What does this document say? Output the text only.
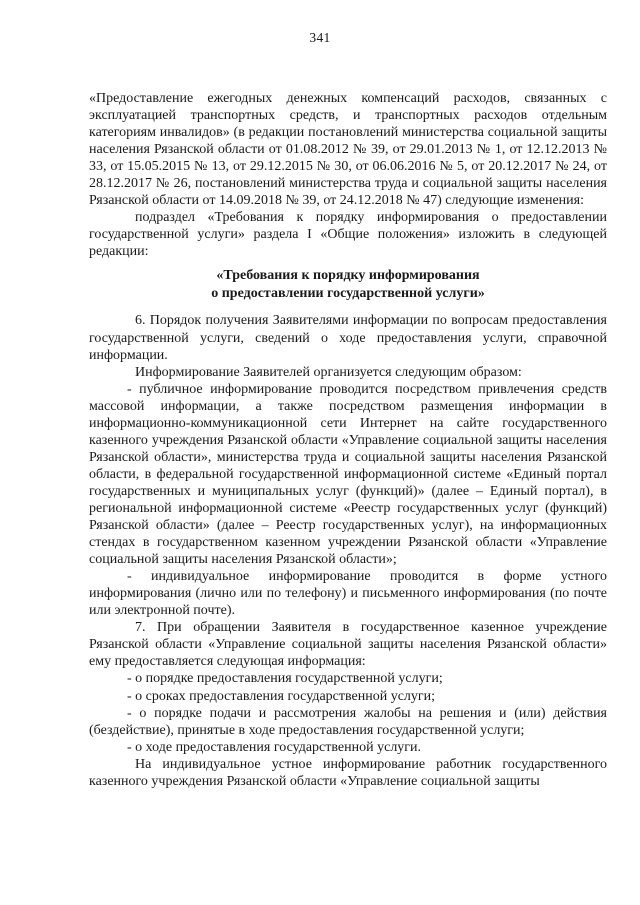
341

«Предоставление ежегодных денежных компенсаций расходов, связанных с эксплуатацией транспортных средств, и транспортных расходов отдельным категориям инвалидов» (в редакции постановлений министерства социальной защиты населения Рязанской области от 01.08.2012 № 39, от 29.01.2013 № 1, от 12.12.2013 № 33, от 15.05.2015 № 13, от 29.12.2015 № 30, от 06.06.2016 № 5, от 20.12.2017 № 24, от 28.12.2017 № 26, постановлений министерства труда и социальной защиты населения Рязанской области от 14.09.2018 № 39, от 24.12.2018 № 47) следующие изменения:

подраздел «Требования к порядку информирования о предоставлении государственной услуги» раздела I «Общие положения» изложить в следующей редакции:

«Требования к порядку информирования
о предоставлении государственной услуги»

6. Порядок получения Заявителями информации по вопросам предоставления государственной услуги, сведений о ходе предоставления услуги, справочной информации.

Информирование Заявителей организуется следующим образом:

- публичное информирование проводится посредством привлечения средств массовой информации, а также посредством размещения информации в информационно-коммуникационной сети Интернет на сайте государственного казенного учреждения Рязанской области «Управление социальной защиты населения Рязанской области», министерства труда и социальной защиты населения Рязанской области, в федеральной государственной информационной системе «Единый портал государственных и муниципальных услуг (функций)» (далее – Единый портал), в региональной информационной системе «Реестр государственных услуг (функций) Рязанской области» (далее – Реестр государственных услуг), на информационных стендах в государственном казенном учреждении Рязанской области «Управление социальной защиты населения Рязанской области»;

- индивидуальное информирование проводится в форме устного информирования (лично или по телефону) и письменного информирования (по почте или электронной почте).

7. При обращении Заявителя в государственное казенное учреждение Рязанской области «Управление социальной защиты населения Рязанской области» ему предоставляется следующая информация:

- о порядке предоставления государственной услуги;

- о сроках предоставления государственной услуги;

- о порядке подачи и рассмотрения жалобы на решения и (или) действия (бездействие), принятые в ходе предоставления государственной услуги;

- о ходе предоставления государственной услуги.

На индивидуальное устное информирование работник государственного казенного учреждения Рязанской области «Управление социальной защиты
